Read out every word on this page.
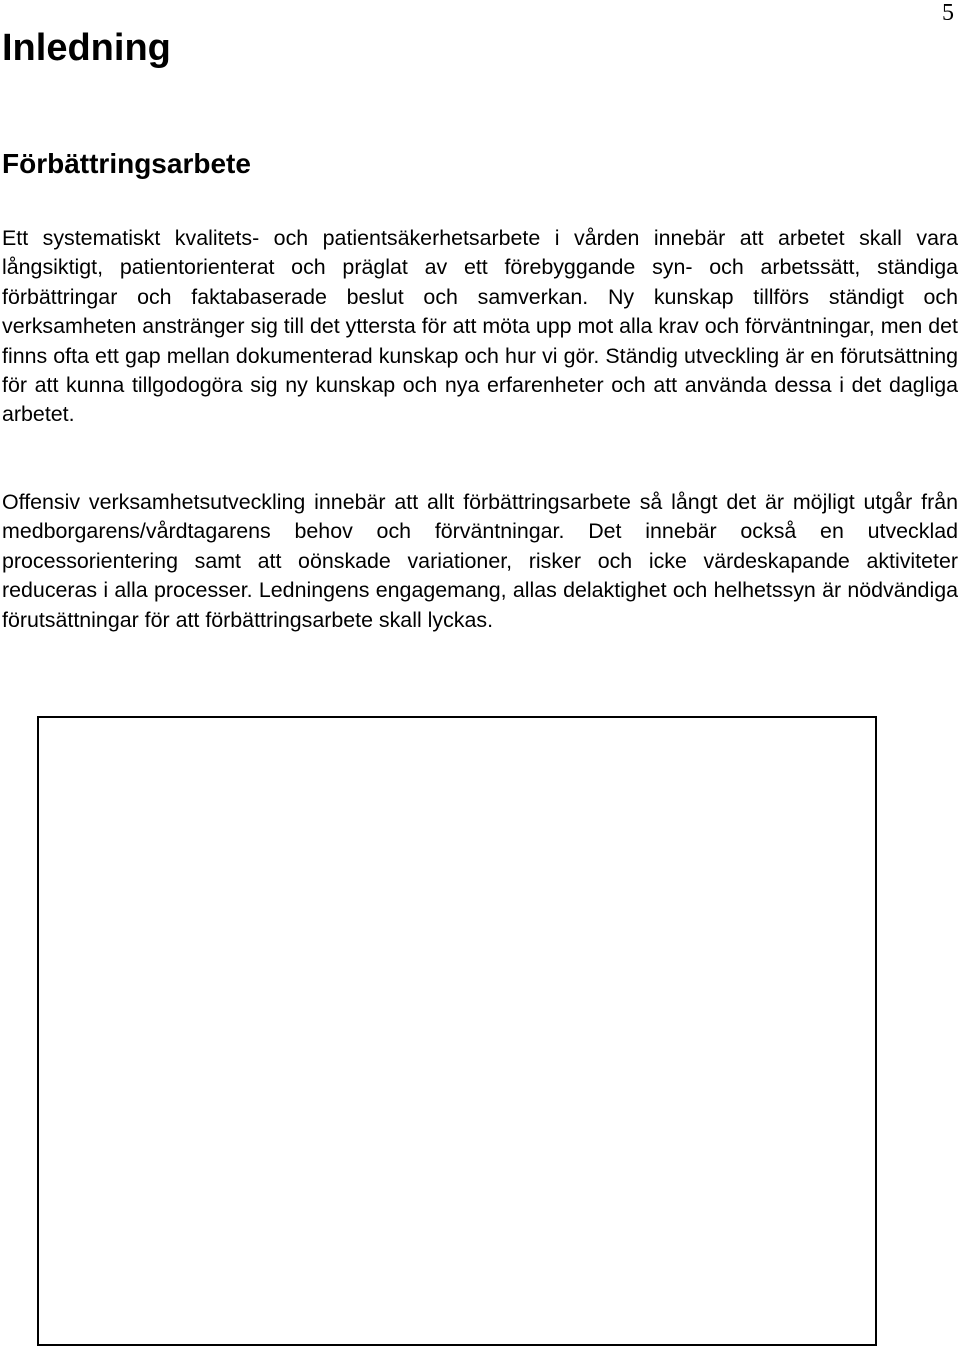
5
Inledning
Förbättringsarbete

Ett systematiskt kvalitets- och patientsäkerhetsarbete i vården innebär att arbetet skall vara långsiktigt, patientorienterat och präglat av ett förebyggande syn- och arbetssätt, ständiga förbättringar och faktabaserade beslut och samverkan. Ny kunskap tillförs ständigt och verksamheten anstränger sig till det yttersta för att möta upp mot alla krav och förväntningar, men det finns ofta ett gap mellan dokumenterad kunskap och hur vi gör. Ständig utveckling är en förutsättning för att kunna tillgodogöra sig ny kunskap och nya erfarenheter och att använda dessa i det dagliga arbetet.

Offensiv verksamhetsutveckling innebär att allt förbättringsarbete så långt det är möjligt utgår från medborgarens/vårdtagarens behov och förväntningar. Det innebär också en utvecklad processorientering samt att oönskade variationer, risker och icke värdeskapande aktiviteter reduceras i alla processer. Ledningens engagemang, allas delaktighet och helhetssyn är nödvändiga förutsättningar för att förbättringsarbete skall lyckas.
